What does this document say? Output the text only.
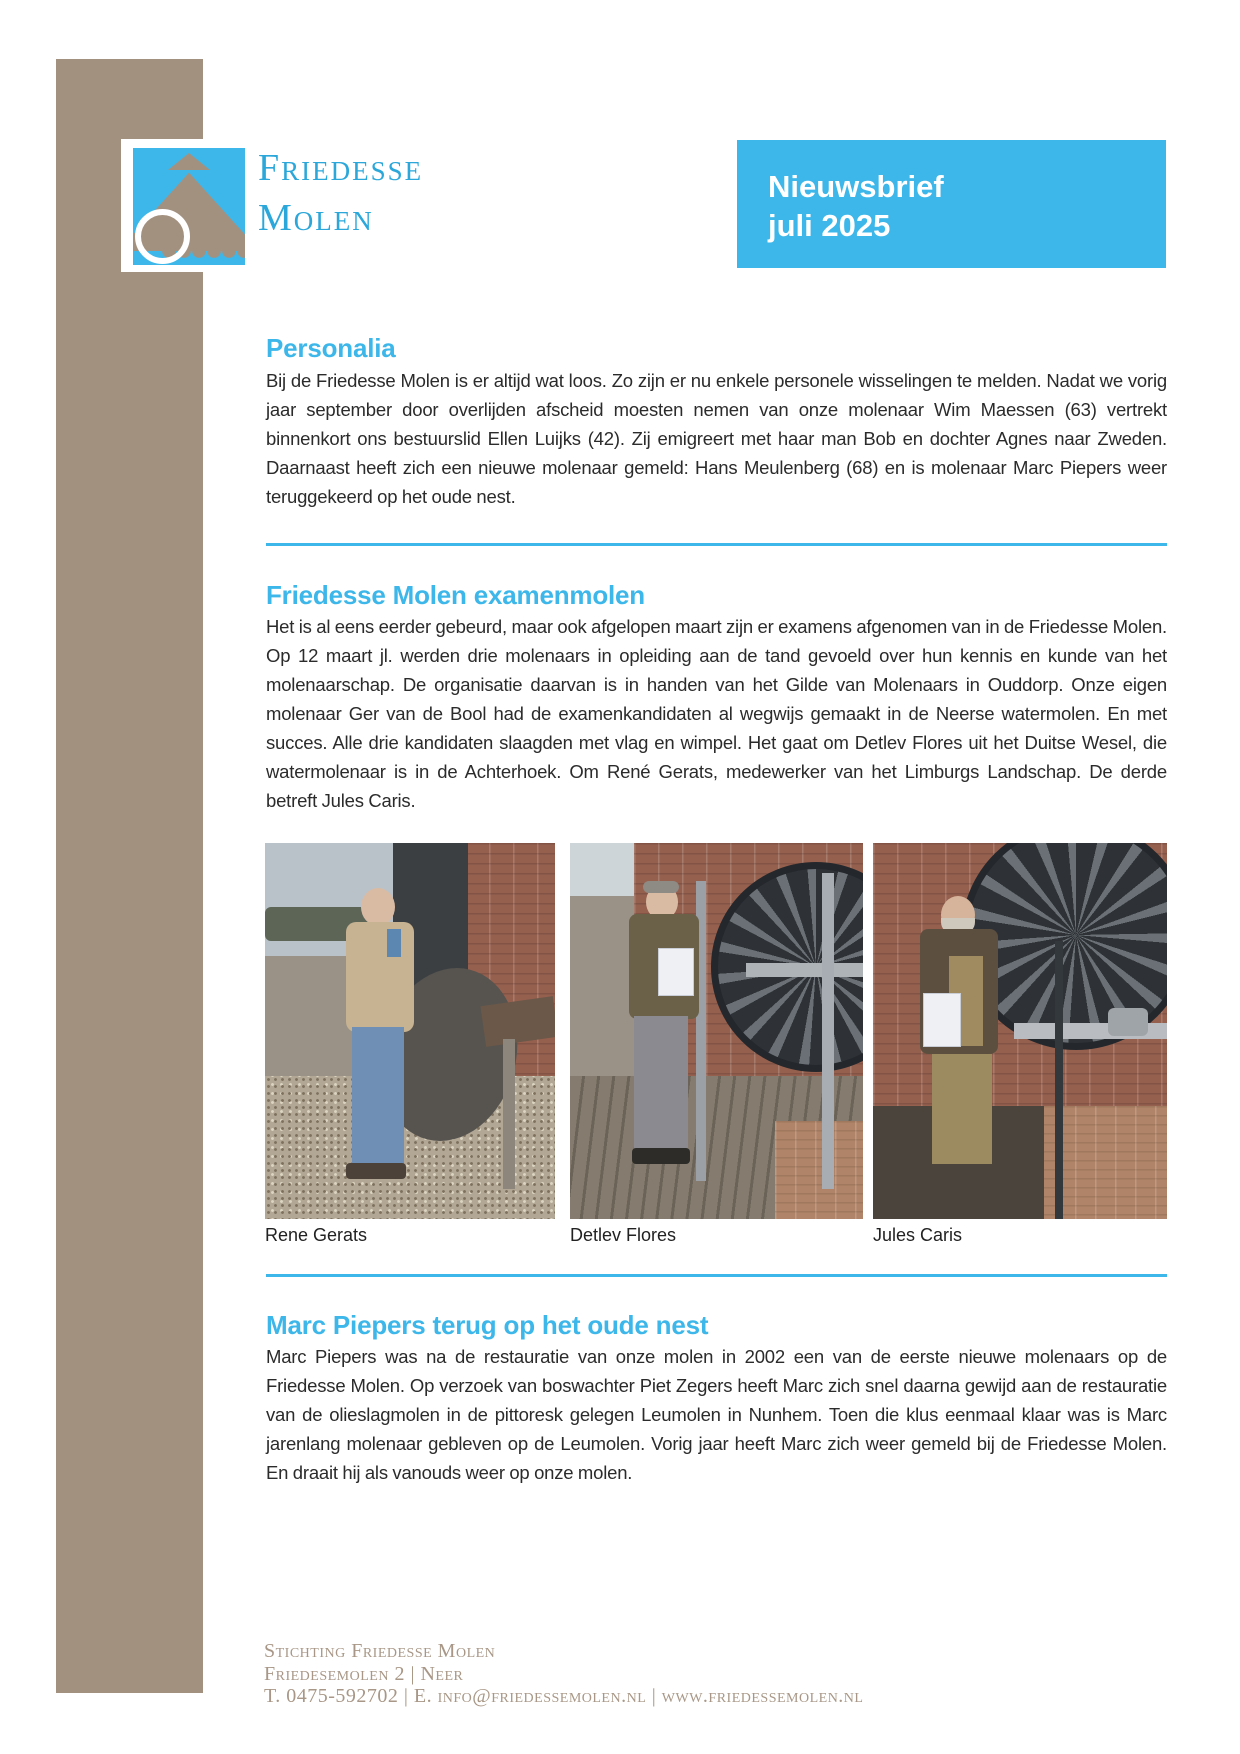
Friedesse
Molen
Nieuwsbrief
juli 2025
Personalia
Bij de Friedesse Molen is er altijd wat loos. Zo zijn er nu enkele personele wisselingen te melden. Nadat we vorig jaar september door overlijden afscheid moesten nemen van onze molenaar Wim Maessen (63) vertrekt binnenkort ons bestuurslid Ellen Luijks (42). Zij emigreert met haar man Bob en dochter Agnes naar Zweden. Daarnaast heeft zich een nieuwe molenaar gemeld: Hans Meulenberg (68) en is molenaar Marc Piepers weer teruggekeerd op het oude nest.
Friedesse Molen examenmolen
Het is al eens eerder gebeurd, maar ook afgelopen maart zijn er examens afgenomen van in de Friedesse Molen. Op 12 maart jl. werden drie molenaars in opleiding aan de tand gevoeld over hun kennis en kunde van het molenaarschap. De organisatie daarvan is in handen van het Gilde van Molenaars in Ouddorp. Onze eigen molenaar Ger van de Bool had de examenkandidaten al wegwijs gemaakt in de Neerse watermolen. En met succes. Alle drie kandidaten slaagden met vlag en wimpel. Het gaat om Detlev Flores uit het Duitse Wesel, die watermolenaar is in de Achterhoek. Om René Gerats, medewerker van het Limburgs Landschap. De derde betreft Jules Caris.
Rene Gerats	Detlev Flores	Jules Caris
Marc Piepers terug op het oude nest
Marc Piepers was na de restauratie van onze molen in 2002 een van de eerste nieuwe molenaars op de Friedesse Molen. Op verzoek van boswachter Piet Zegers heeft Marc zich snel daarna gewijd aan de restauratie van de olieslagmolen in de pittoresk gelegen Leumolen in Nunhem. Toen die klus eenmaal klaar was is Marc jarenlang molenaar gebleven op de Leumolen. Vorig jaar heeft Marc zich weer gemeld bij de Friedesse Molen. En draait hij als vanouds weer op onze molen.
Stichting Friedesse Molen
Friedesemolen 2 | Neer
T. 0475-592702 | E. info@friedessemolen.nl | www.friedessemolen.nl
